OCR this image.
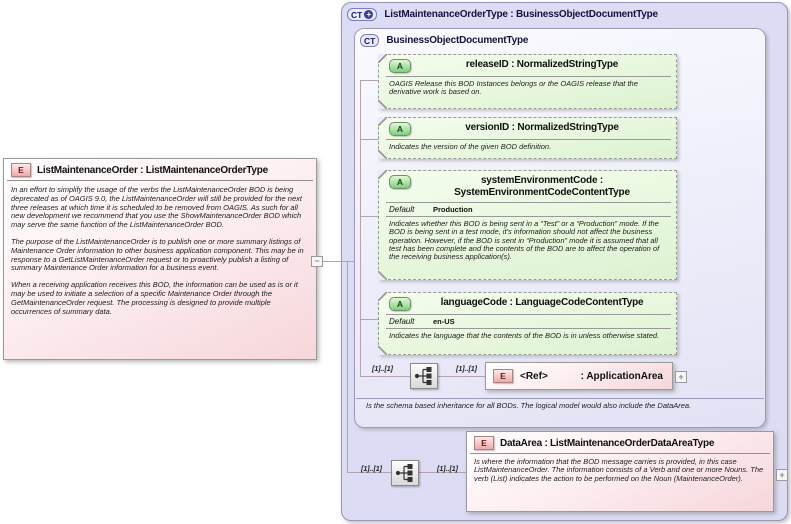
CT + ListMaintenanceOrderType : BusinessObjectDocumentType
CT	BusinessObjectDocumentType
Is the schema based inheritance for all BODs. The logical model would also include the DataArea.
E	ListMaintenanceOrder : ListMaintenanceOrderType

In an effort to simplify the usage of the verbs the ListMaintenanceOrder BOD is being deprecated as of OAGIS 9.0, the ListMaintenanceOrder will still be provided for the next three releases at which time it is scheduled to be removed from OAGIS. As such for all new development we recommend that you use the ShowMaintenanceOrder BOD which may serve the same function of the ListMaintenanceOrder BOD.

The purpose of the ListMaintenanceOrder is to publish one or more summary listings of Maintenance Order information to other business application component. This may be in response to a GetListMaintenanceOrder request or to proactively publish a listing of summary Maintenance Order information for a business event.

When a receiving application receives this BOD, the information can be used as is or it may be used to initiate a selection of a specific Maintenance Order through the GetMaintenanceOrder request. The processing is designed to provide multiple occurrences of summary data.

−
A	releaseID : NormalizedStringType
OAGIS Release this BOD Instances belongs or the OAGIS release that the derivative work is based on.
A	versionID : NormalizedStringType
Indicates the version of the given BOD definition.
A	systemEnvironmentCode : SystemEnvironmentCodeContentType
Default	Production
Indicates whether this BOD is being sent in a “Test” or a “Production” mode. If the BOD is being sent in a test mode, it's information should not affect the business operation. However, if the BOD is sent in “Production” mode it is assumed that all test has been complete and the contents of the BOD are to affect the operation of the receiving business application(s).
A	languageCode : LanguageCodeContentType
Default	en-US
Indicates the language that the contents of the BOD is in unless otherwise stated.
[1]..[1]	[1]..[1]
E	<Ref>	: ApplicationArea	+
[1]..[1]	[1]..[1]
E	DataArea : ListMaintenanceOrderDataAreaType
Is where the information that the BOD message carries is provided, in this case ListMaintenanceOrder. The information consists of a Verb and one or more Nouns. The verb (List) indicates the action to be performed on the Noun (MaintenanceOrder).	+
